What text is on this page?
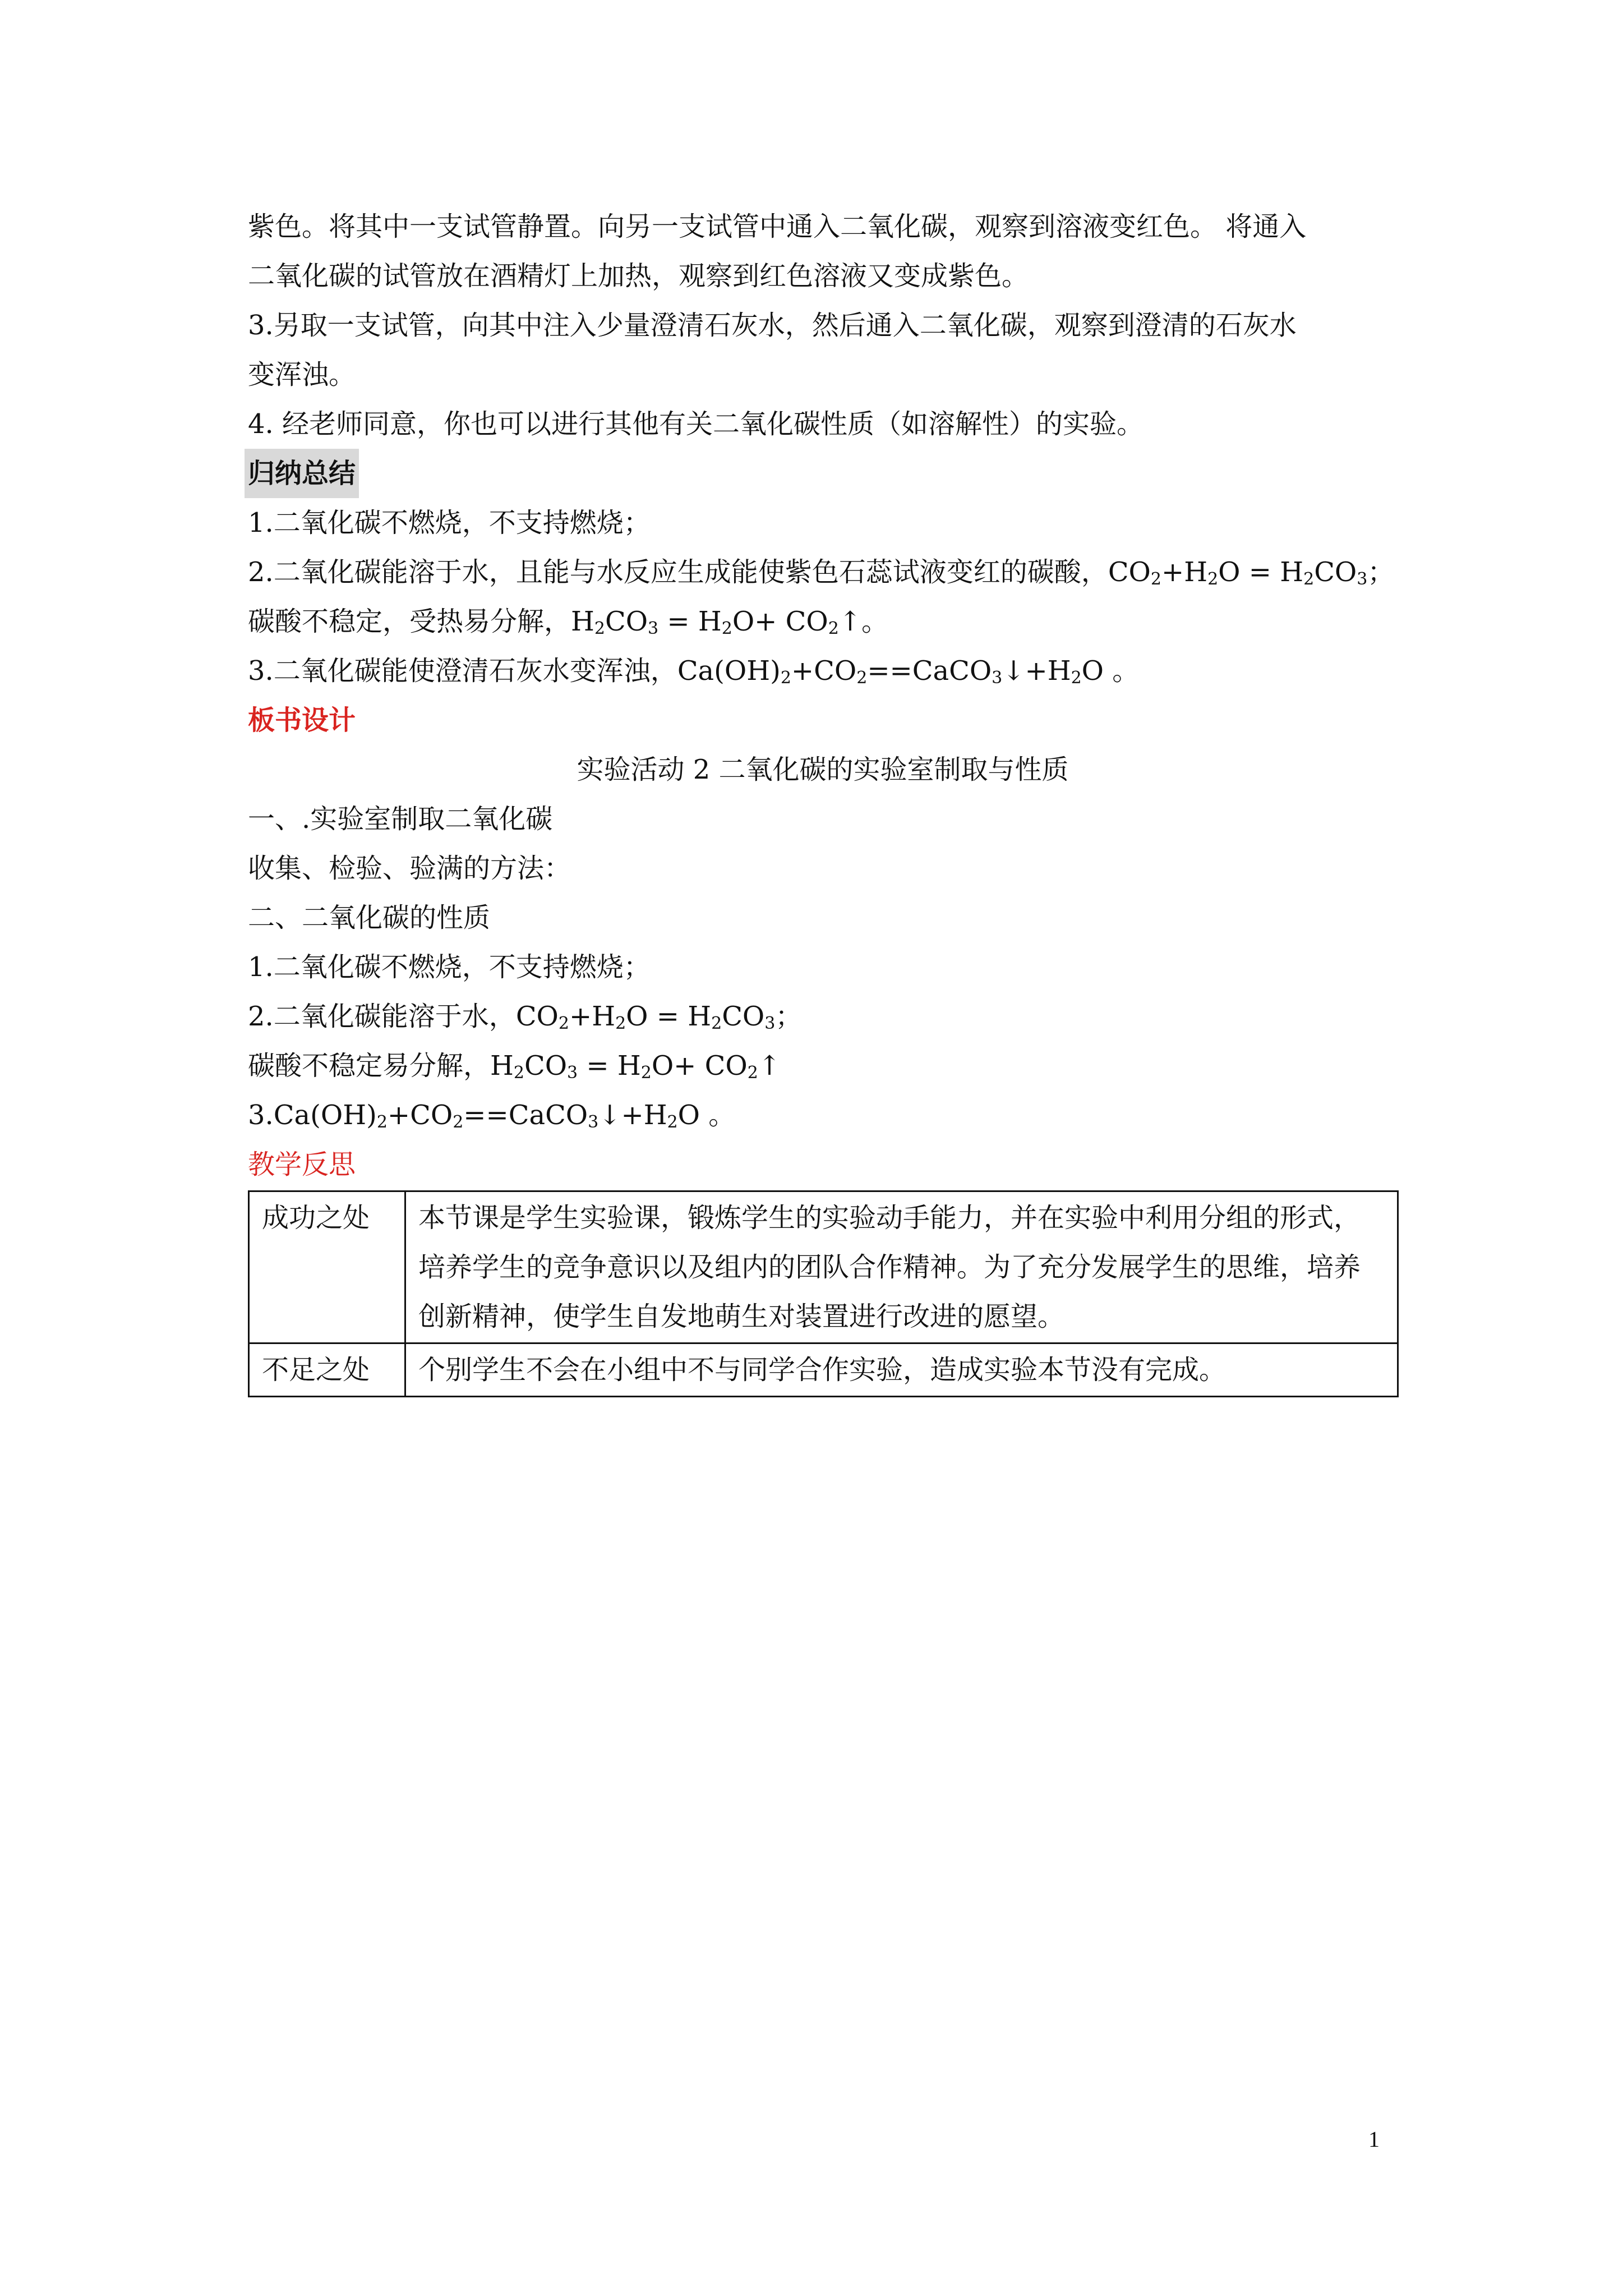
紫色。将其中一支试管静置。向另一支试管中通入二氧化碳，观察到溶液变红色。 将通入

二氧化碳的试管放在酒精灯上加热，观察到红色溶液又变成紫色。

3.另取一支试管，向其中注入少量澄清石灰水，然后通入二氧化碳，观察到澄清的石灰水

变浑浊。

4. 经老师同意，你也可以进行其他有关二氧化碳性质（如溶解性）的实验。

归纳总结

1.二氧化碳不燃烧，不支持燃烧；

2.二氧化碳能溶于水，且能与水反应生成能使紫色石蕊试液变红的碳酸，$CO_2+H_2O = H_2CO_3$；

碳酸不稳定，受热易分解，$H_2CO_3 = H_2O+$ $CO_2↑$。

3.二氧化碳能使澄清石灰水变浑浊，$Ca(OH)_2+CO_2==CaCO_3↓+H_2O$ 。

板书设计

实验活动 2 二氧化碳的实验室制取与性质

一、.实验室制取二氧化碳

收集、检验、验满的方法：

二、二氧化碳的性质

1.二氧化碳不燃烧，不支持燃烧；

2.二氧化碳能溶于水，$CO_2+H_2O = H_2CO_3$；

碳酸不稳定易分解，$H_2CO_3 = H_2O+$ $CO_2↑$

$3.Ca(OH)_2+CO_2==CaCO_3↓+H_2O$ 。

教学反思

成功之处	本节课是学生实验课，锻炼学生的实验动手能力，并在实验中利用分组的形式，培养学生的竞争意识以及组内的团队合作精神。为了充分发展学生的思维，培养创新精神，使学生自发地萌生对装置进行改进的愿望。
不足之处	个别学生不会在小组中不与同学合作实验，造成实验本节没有完成。
1
